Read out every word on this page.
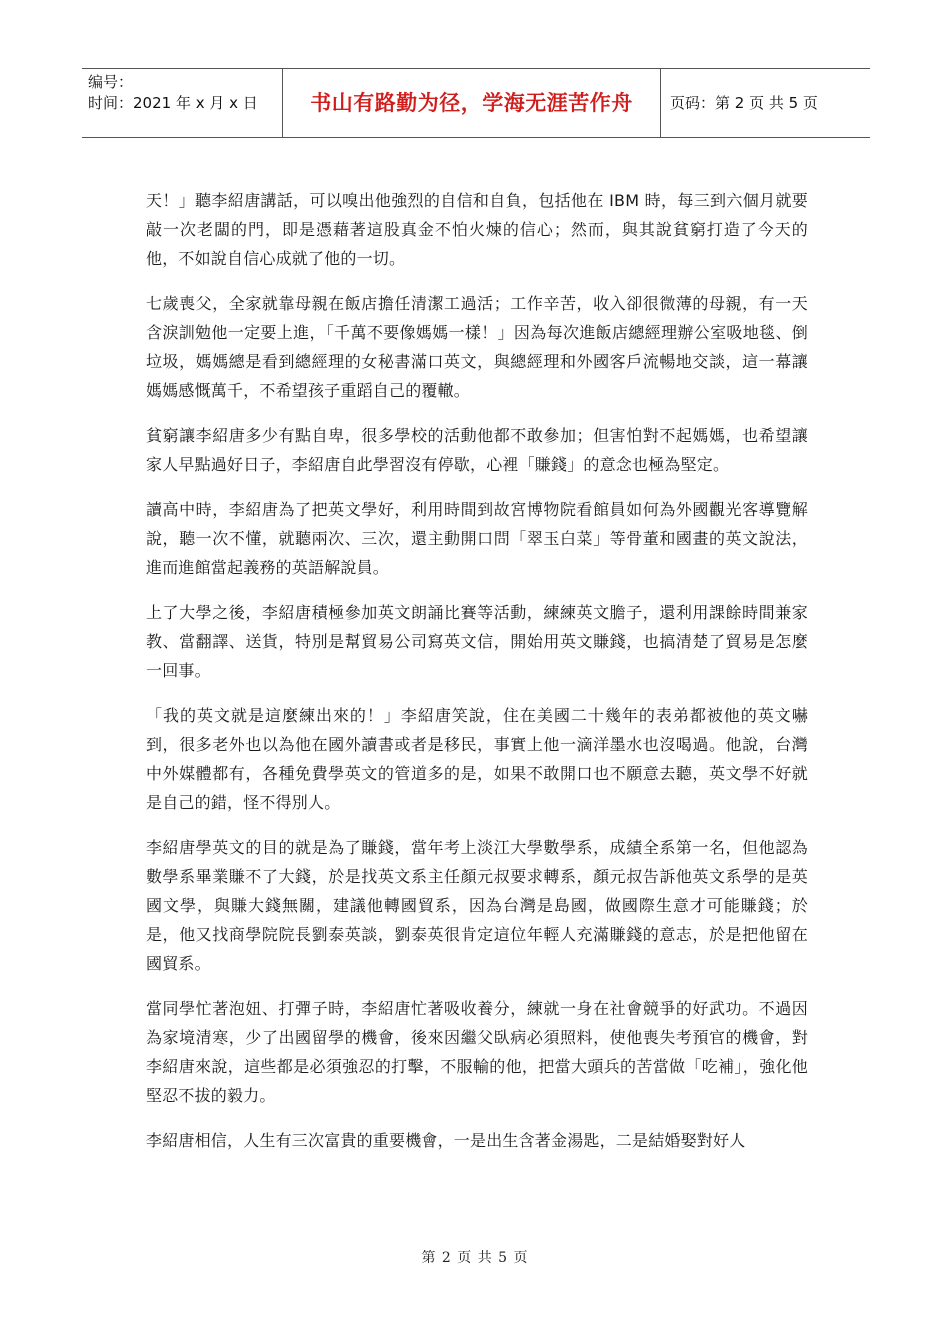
编号：
时间：2021 年 x 月 x 日	书山有路勤为径，学海无涯苦作舟	页码：第 2 页 共 5 页

天！」聽李紹唐講話，可以嗅出他強烈的自信和自負，包括他在 IBM 時，每三到六個月就要敲一次老闆的門，即是憑藉著這股真金不怕火煉的信心；然而，與其說貧窮打造了今天的他，不如說自信心成就了他的一切。

七歲喪父，全家就靠母親在飯店擔任清潔工過活；工作辛苦，收入卻很微薄的母親，有一天含淚訓勉他一定要上進，「千萬不要像媽媽一樣！」因為每次進飯店總經理辦公室吸地毯、倒垃圾，媽媽總是看到總經理的女秘書滿口英文，與總經理和外國客戶流暢地交談，這一幕讓媽媽感慨萬千，不希望孩子重蹈自己的覆轍。

貧窮讓李紹唐多少有點自卑，很多學校的活動他都不敢參加；但害怕對不起媽媽，也希望讓家人早點過好日子，李紹唐自此學習沒有停歇，心裡「賺錢」的意念也極為堅定。

讀高中時，李紹唐為了把英文學好，利用時間到故宮博物院看館員如何為外國觀光客導覽解說，聽一次不懂，就聽兩次、三次，還主動開口問「翠玉白菜」等骨董和國畫的英文說法，進而進館當起義務的英語解說員。

上了大學之後，李紹唐積極參加英文朗誦比賽等活動，練練英文膽子，還利用課餘時間兼家教、當翻譯、送貨，特別是幫貿易公司寫英文信，開始用英文賺錢，也搞清楚了貿易是怎麼一回事。

「我的英文就是這麼練出來的！」李紹唐笑說，住在美國二十幾年的表弟都被他的英文嚇到，很多老外也以為他在國外讀書或者是移民，事實上他一滴洋墨水也沒喝過。他說，台灣中外媒體都有，各種免費學英文的管道多的是，如果不敢開口也不願意去聽，英文學不好就是自己的錯，怪不得別人。

李紹唐學英文的目的就是為了賺錢，當年考上淡江大學數學系，成績全系第一名，但他認為數學系畢業賺不了大錢，於是找英文系主任顏元叔要求轉系，顏元叔告訴他英文系學的是英國文學，與賺大錢無關，建議他轉國貿系，因為台灣是島國，做國際生意才可能賺錢；於是，他又找商學院院長劉泰英談，劉泰英很肯定這位年輕人充滿賺錢的意志，於是把他留在國貿系。

當同學忙著泡妞、打彈子時，李紹唐忙著吸收養分，練就一身在社會競爭的好武功。不過因為家境清寒，少了出國留學的機會，後來因繼父臥病必須照料，使他喪失考預官的機會，對李紹唐來說，這些都是必須強忍的打擊，不服輸的他，把當大頭兵的苦當做「吃補」，強化他堅忍不拔的毅力。

李紹唐相信，人生有三次富貴的重要機會，一是出生含著金湯匙，二是結婚娶對好人

第 2 页 共 5 页
